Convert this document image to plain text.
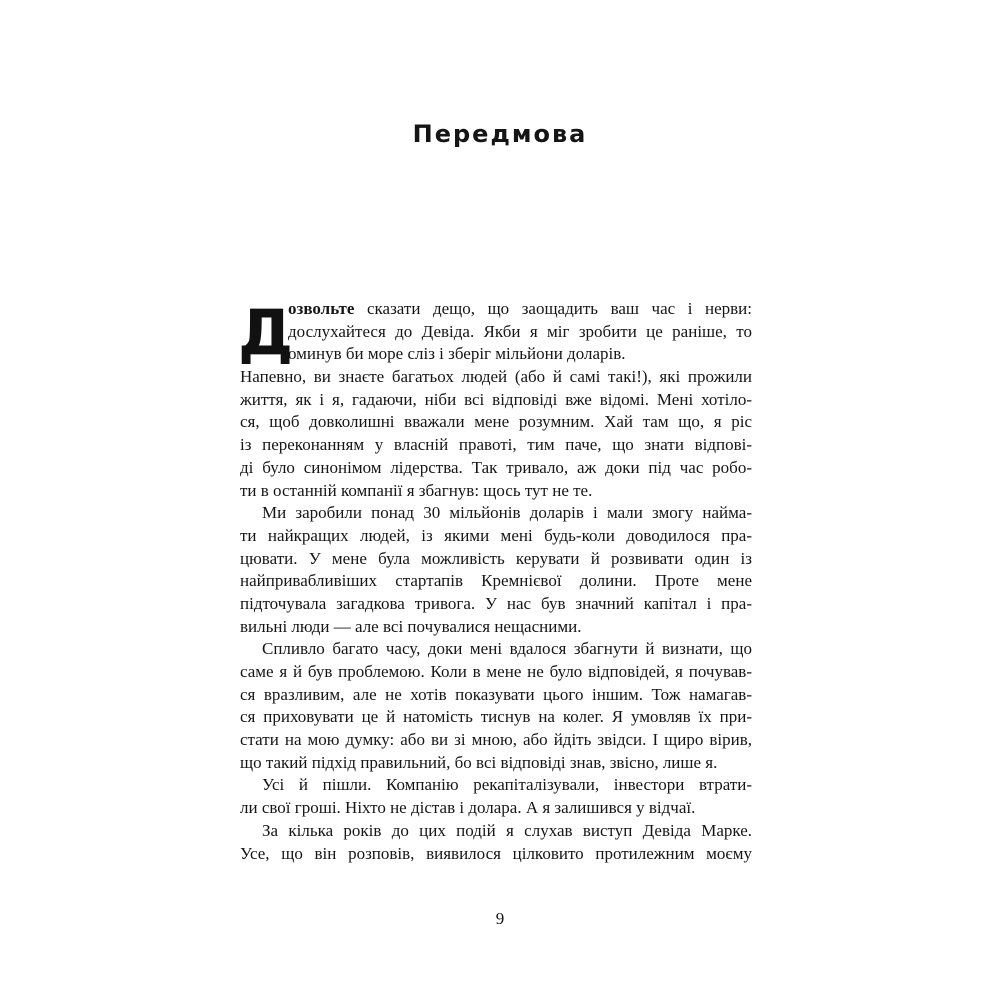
Передмова
Д
озвольте сказати дещо, що заощадить ваш час і нерви:
дослухайтеся до Девіда. Якби я міг зробити це раніше, то
оминув би море сліз і зберіг мільйони доларів.
Напевно, ви знаєте багатьох людей (або й самі такі!), які прожили
життя, як і я, гадаючи, ніби всі відповіді вже відомі. Мені хотіло-
ся, щоб довколишні вважали мене розумним. Хай там що, я ріс
із переконанням у власній правоті, тим паче, що знати відпові-
ді було синонімом лідерства. Так тривало, аж доки під час робо-
ти в останній компанії я збагнув: щось тут не те.
Ми заробили понад 30 мільйонів доларів і мали змогу найма-
ти найкращих людей, із якими мені будь-коли доводилося пра-
цювати. У мене була можливість керувати й розвивати один із
найпривабливіших стартапів Кремнієвої долини. Проте мене
підточувала загадкова тривога. У нас був значний капітал і пра-
вильні люди — але всі почувалися нещасними.
Спливло багато часу, доки мені вдалося збагнути й визнати, що
саме я й був проблемою. Коли в мене не було відповідей, я почував-
ся вразливим, але не хотів показувати цього іншим. Тож намагав-
ся приховувати це й натомість тиснув на колег. Я умовляв їх при-
стати на мою думку: або ви зі мною, або йдіть звідси. І щиро вірив,
що такий підхід правильний, бо всі відповіді знав, звісно, лише я.
Усі й пішли. Компанію рекапіталізували, інвестори втрати-
ли свої гроші. Ніхто не дістав і долара. А я залишився у відчаї.
За кілька років до цих подій я слухав виступ Девіда Марке.
Усе, що він розповів, виявилося цілковито протилежним моєму
9
